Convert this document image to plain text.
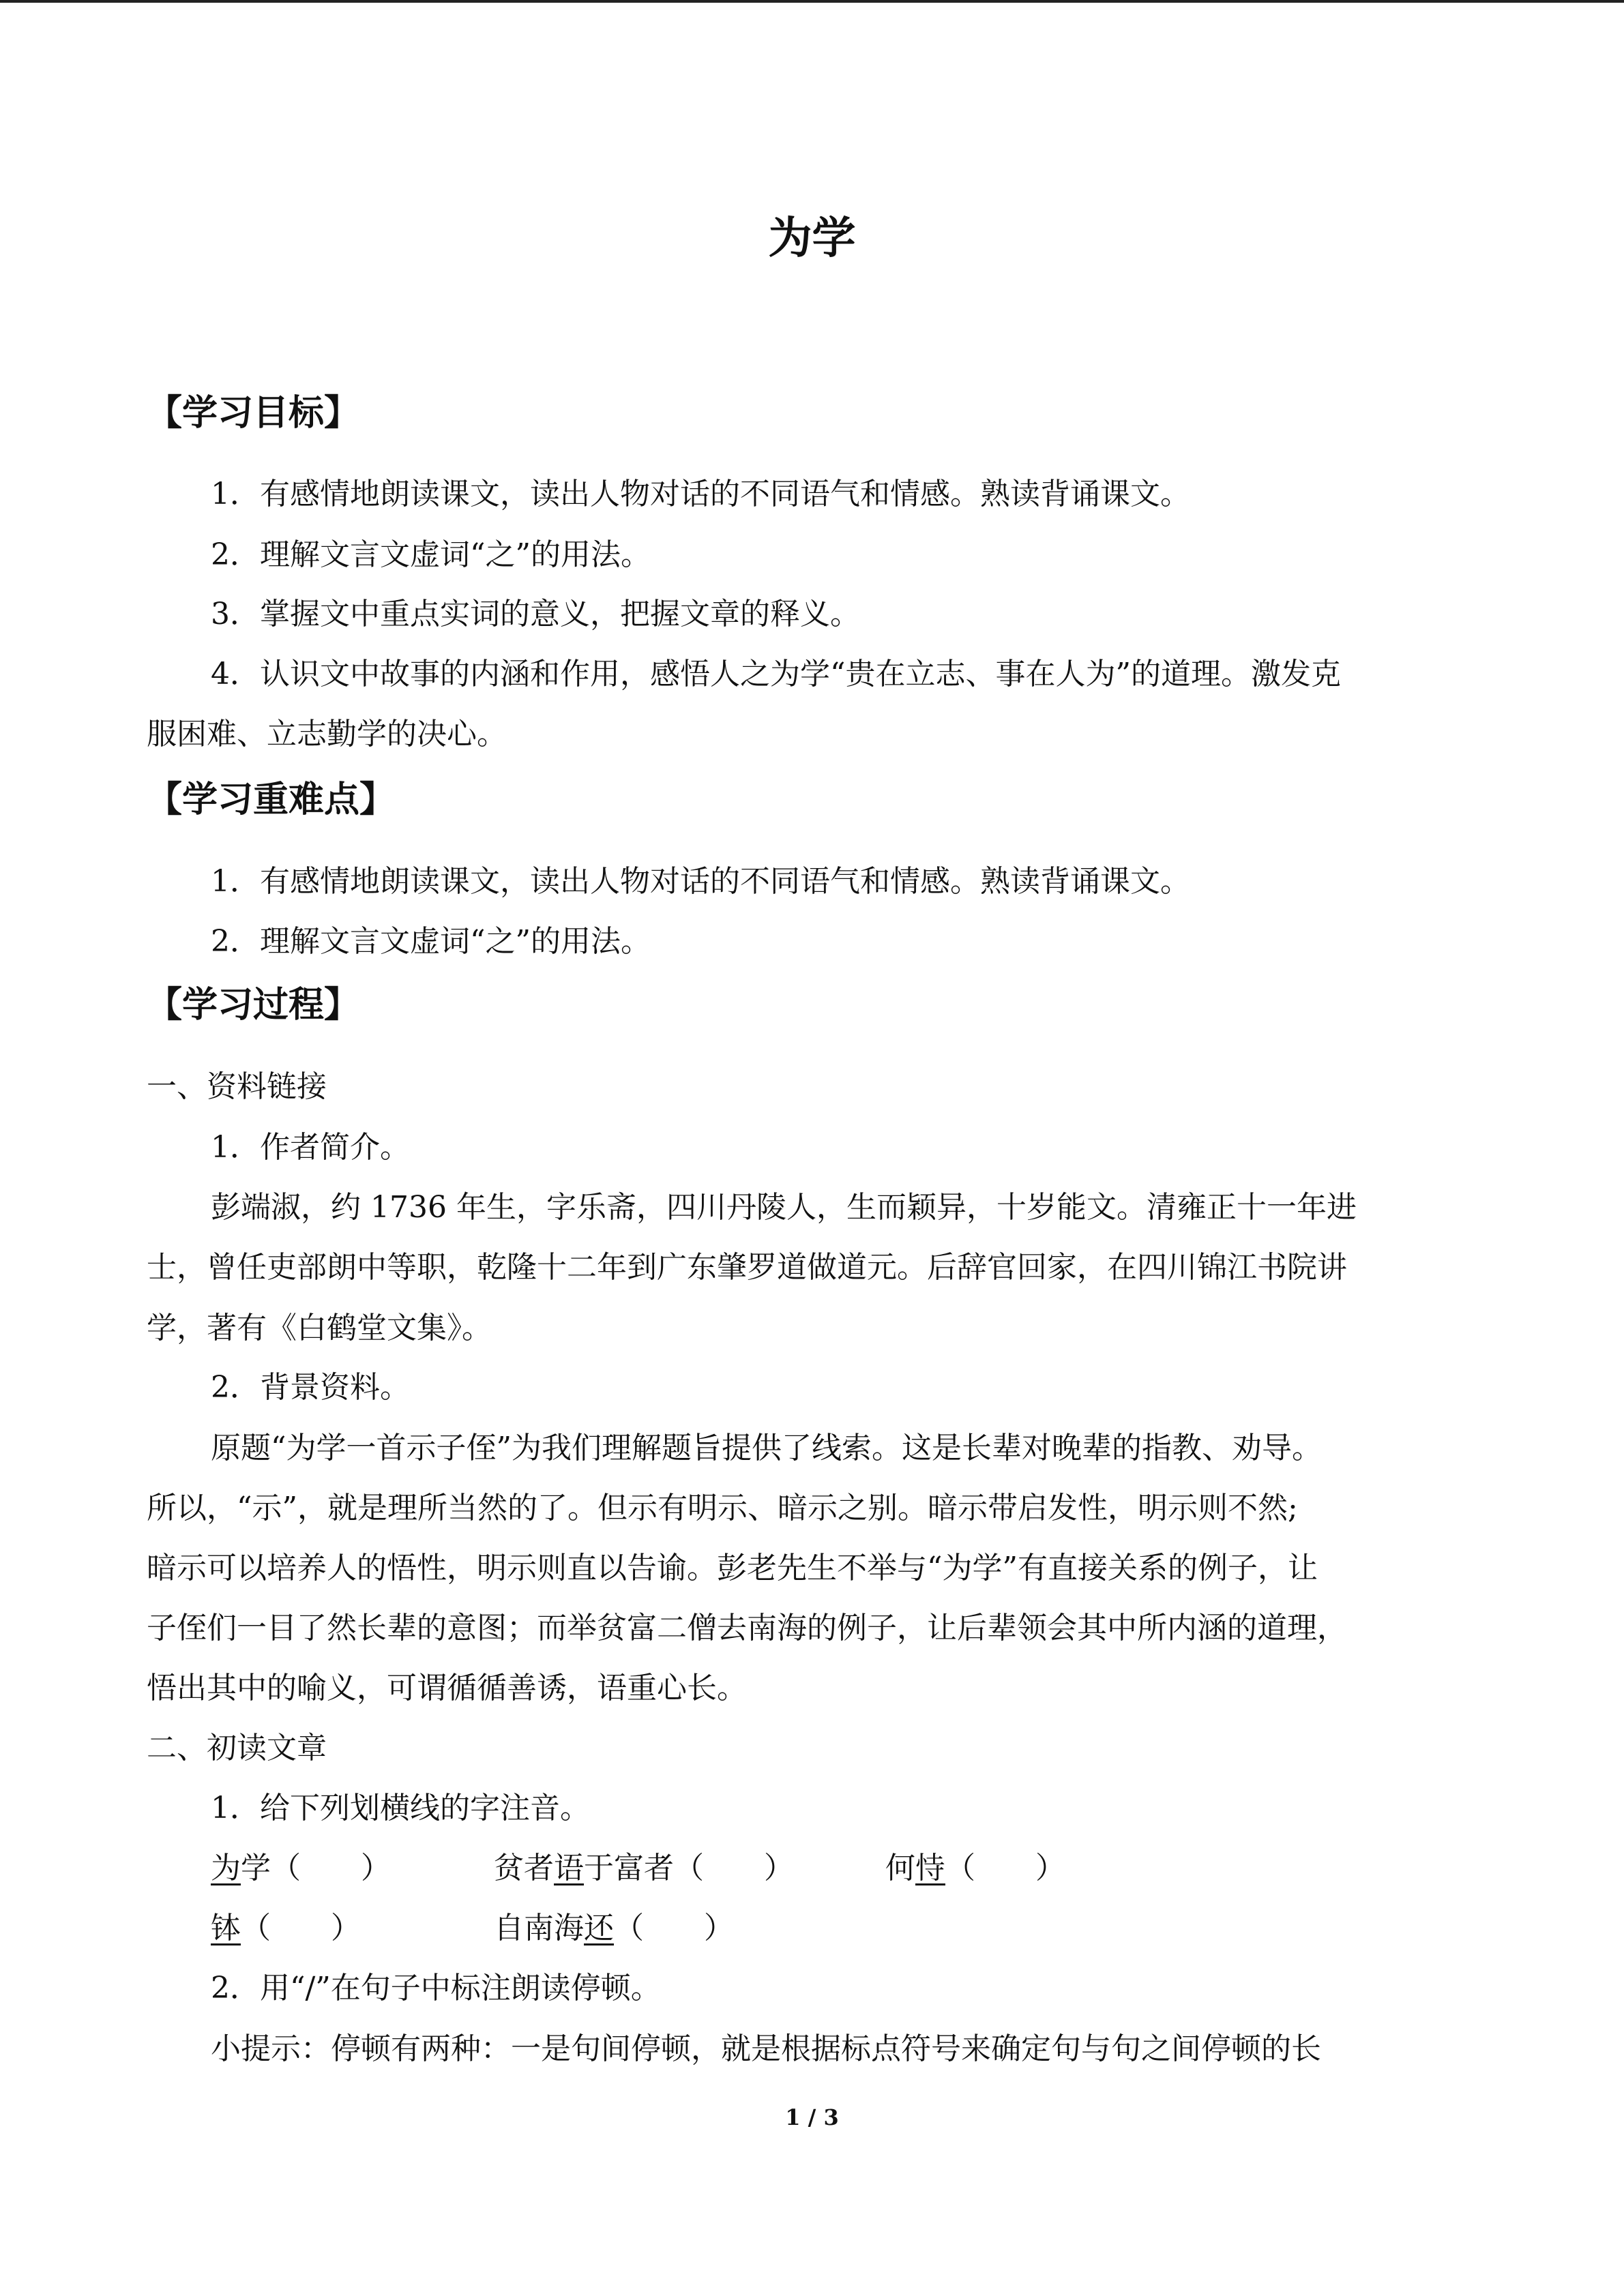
为学
【学习目标】
1．有感情地朗读课文，读出人物对话的不同语气和情感。熟读背诵课文。
2．理解文言文虚词“之”的用法。
3．掌握文中重点实词的意义，把握文章的释义。
4．认识文中故事的内涵和作用，感悟人之为学“贵在立志、事在人为”的道理。激发克
服困难、立志勤学的决心。
【学习重难点】
1．有感情地朗读课文，读出人物对话的不同语气和情感。熟读背诵课文。
2．理解文言文虚词“之”的用法。
【学习过程】
一、资料链接
1．作者简介。
彭端淑，约 1736 年生，字乐斋，四川丹陵人，生而颖异，十岁能文。清雍正十一年进
士，曾任吏部朗中等职，乾隆十二年到广东肇罗道做道元。后辞官回家，在四川锦江书院讲
学，著有《白鹤堂文集》。
2．背景资料。
原题“为学一首示子侄”为我们理解题旨提供了线索。这是长辈对晚辈的指教、劝导。
所以，“示”，就是理所当然的了。但示有明示、暗示之别。暗示带启发性，明示则不然;
暗示可以培养人的悟性，明示则直以告谕。彭老先生不举与“为学”有直接关系的例子，让
子侄们一目了然长辈的意图；而举贫富二僧去南海的例子，让后辈领会其中所内涵的道理，
悟出其中的喻义，可谓循循善诱，语重心长。
二、初读文章
1．给下列划横线的字注音。
为学（　　）	贫者语于富者（　　）	何恃（　　）
钵（　　）	自南海还（　　）
2．用“/”在句子中标注朗读停顿。
小提示：停顿有两种：一是句间停顿，就是根据标点符号来确定句与句之间停顿的长
1 / 3
